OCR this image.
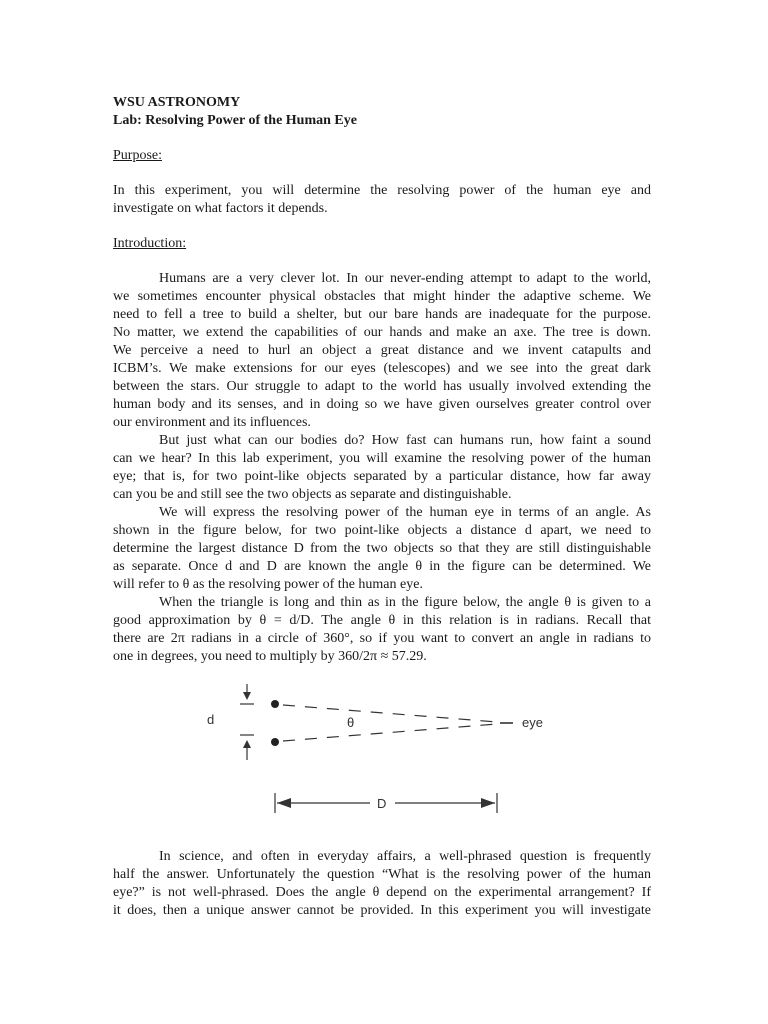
WSU ASTRONOMY
Lab: Resolving Power of the Human Eye
Purpose:
In this experiment, you will determine the resolving power of the human eye and
investigate on what factors it depends.
Introduction:
Humans are a very clever lot. In our never-ending attempt to adapt to the world,
we sometimes encounter physical obstacles that might hinder the adaptive scheme. We
need to fell a tree to build a shelter, but our bare hands are inadequate for the purpose.
No matter, we extend the capabilities of our hands and make an axe. The tree is down.
We perceive a need to hurl an object a great distance and we invent catapults and
ICBM’s. We make extensions for our eyes (telescopes) and we see into the great dark
between the stars. Our struggle to adapt to the world has usually involved extending the
human body and its senses, and in doing so we have given ourselves greater control over
our environment and its influences.
But just what can our bodies do? How fast can humans run, how faint a sound
can we hear? In this lab experiment, you will examine the resolving power of the human
eye; that is, for two point-like objects separated by a particular distance, how far away
can you be and still see the two objects as separate and distinguishable.
We will express the resolving power of the human eye in terms of an angle. As
shown in the figure below, for two point-like objects a distance d apart, we need to
determine the largest distance D from the two objects so that they are still distinguishable
as separate. Once d and D are known the angle θ in the figure can be determined. We
will refer to θ as the resolving power of the human eye.
When the triangle is long and thin as in the figure below, the angle θ is given to a
good approximation by θ = d/D. The angle θ in this relation is in radians. Recall that
there are 2π radians in a circle of 360°, so if you want to convert an angle in radians to
one in degrees, you need to multiply by 360/2π ≈ 57.29.
d	θ	eye
D
In science, and often in everyday affairs, a well-phrased question is frequently
half the answer. Unfortunately the question “What is the resolving power of the human
eye?” is not well-phrased. Does the angle θ depend on the experimental arrangement? If
it does, then a unique answer cannot be provided. In this experiment you will investigate
